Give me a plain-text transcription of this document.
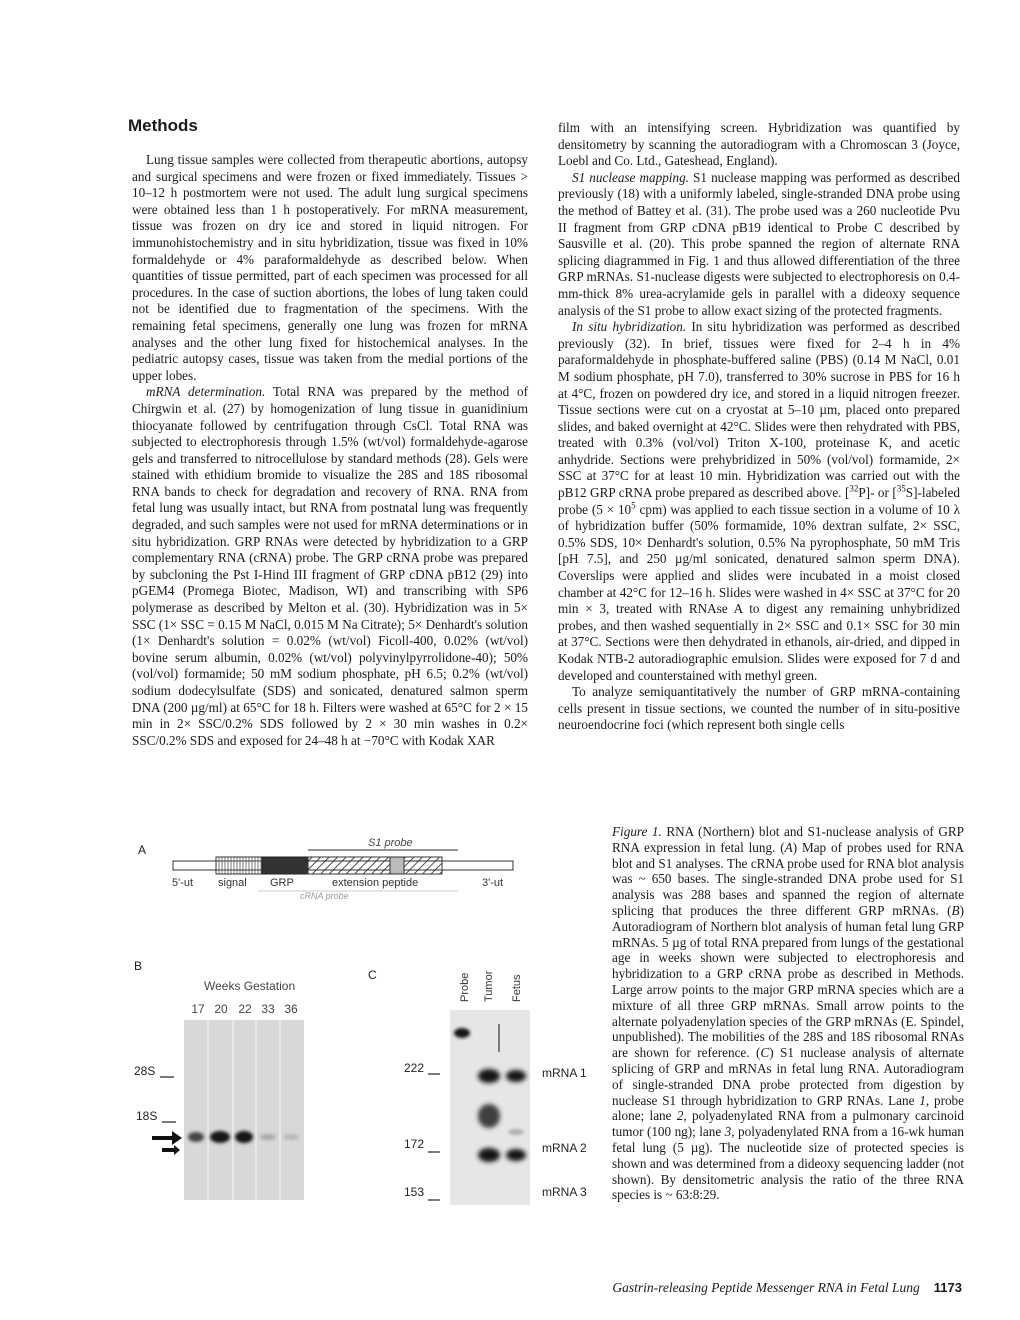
Methods

Lung tissue samples were collected from therapeutic abortions, autopsy and surgical specimens and were frozen or fixed immediately. Tissues > 10–12 h postmortem were not used. The adult lung surgical specimens were obtained less than 1 h postoperatively. For mRNA measurement, tissue was frozen on dry ice and stored in liquid nitrogen. For immunohistochemistry and in situ hybridization, tissue was fixed in 10% formaldehyde or 4% paraformaldehyde as described below. When quantities of tissue permitted, part of each specimen was processed for all procedures. In the case of suction abortions, the lobes of lung taken could not be identified due to fragmentation of the specimens. With the remaining fetal specimens, generally one lung was frozen for mRNA analyses and the other lung fixed for histochemical analyses. In the pediatric autopsy cases, tissue was taken from the medial portions of the upper lobes.

mRNA determination. Total RNA was prepared by the method of Chirgwin et al. (27) by homogenization of lung tissue in guanidinium thiocyanate followed by centrifugation through CsCl. Total RNA was subjected to electrophoresis through 1.5% (wt/vol) formaldehyde-agarose gels and transferred to nitrocellulose by standard methods (28). Gels were stained with ethidium bromide to visualize the 28S and 18S ribosomal RNA bands to check for degradation and recovery of RNA. RNA from fetal lung was usually intact, but RNA from postnatal lung was frequently degraded, and such samples were not used for mRNA determinations or in situ hybridization. GRP RNAs were detected by hybridization to a GRP complementary RNA (cRNA) probe. The GRP cRNA probe was prepared by subcloning the Pst I-Hind III fragment of GRP cDNA pB12 (29) into pGEM4 (Promega Biotec, Madison, WI) and transcribing with SP6 polymerase as described by Melton et al. (30). Hybridization was in 5× SSC (1× SSC = 0.15 M NaCl, 0.015 M Na Citrate); 5× Denhardt's solution (1× Denhardt's solution = 0.02% (wt/vol) Ficoll-400, 0.02% (wt/vol) bovine serum albumin, 0.02% (wt/vol) polyvinylpyrrolidone-40); 50% (vol/vol) formamide; 50 mM sodium phosphate, pH 6.5; 0.2% (wt/vol) sodium dodecylsulfate (SDS) and sonicated, denatured salmon sperm DNA (200 µg/ml) at 65°C for 18 h. Filters were washed at 65°C for 2 × 15 min in 2× SSC/0.2% SDS followed by 2 × 30 min washes in 0.2× SSC/0.2% SDS and exposed for 24–48 h at −70°C with Kodak XAR

film with an intensifying screen. Hybridization was quantified by densitometry by scanning the autoradiogram with a Chromoscan 3 (Joyce, Loebl and Co. Ltd., Gateshead, England).

S1 nuclease mapping. S1 nuclease mapping was performed as described previously (18) with a uniformly labeled, single-stranded DNA probe using the method of Battey et al. (31). The probe used was a 260 nucleotide Pvu II fragment from GRP cDNA pB19 identical to Probe C described by Sausville et al. (20). This probe spanned the region of alternate RNA splicing diagrammed in Fig. 1 and thus allowed differentiation of the three GRP mRNAs. S1-nuclease digests were subjected to electrophoresis on 0.4-mm-thick 8% urea-acrylamide gels in parallel with a dideoxy sequence analysis of the S1 probe to allow exact sizing of the protected fragments.

In situ hybridization. In situ hybridization was performed as described previously (32). In brief, tissues were fixed for 2–4 h in 4% paraformaldehyde in phosphate-buffered saline (PBS) (0.14 M NaCl, 0.01 M sodium phosphate, pH 7.0), transferred to 30% sucrose in PBS for 16 h at 4°C, frozen on powdered dry ice, and stored in a liquid nitrogen freezer. Tissue sections were cut on a cryostat at 5–10 µm, placed onto prepared slides, and baked overnight at 42°C. Slides were then rehydrated with PBS, treated with 0.3% (vol/vol) Triton X-100, proteinase K, and acetic anhydride. Sections were prehybridized in 50% (vol/vol) formamide, 2× SSC at 37°C for at least 10 min. Hybridization was carried out with the pB12 GRP cRNA probe prepared as described above. [$^{32}$P]- or [$^{35}$S]-labeled probe ($5 \times 10^5$ cpm) was applied to each tissue section in a volume of 10 λ of hybridization buffer (50% formamide, 10% dextran sulfate, 2× SSC, 0.5% SDS, 10× Denhardt's solution, 0.5% Na pyrophosphate, 50 mM Tris [pH 7.5], and 250 µg/ml sonicated, denatured salmon sperm DNA). Coverslips were applied and slides were incubated in a moist closed chamber at 42°C for 12–16 h. Slides were washed in 4× SSC at 37°C for 20 min × 3, treated with RNAse A to digest any remaining unhybridized probes, and then washed sequentially in 2× SSC and 0.1× SSC for 30 min at 37°C. Sections were then dehydrated in ethanols, air-dried, and dipped in Kodak NTB-2 autoradiographic emulsion. Slides were exposed for 7 d and developed and counterstained with methyl green.

To analyze semiquantitatively the number of GRP mRNA-containing cells present in tissue sections, we counted the number of in situ-positive neuroendocrine foci (which represent both single cells

A	S1 probe
5'-ut signal GRP	extension peptide	3'-ut
cRNA probe
B
Weeks Gestation
17 20 22 33 36
28S
18S
C	Probe Tumor Fetus
222
172
153
mRNA 1
mRNA 2
mRNA 3

Figure 1. RNA (Northern) blot and S1-nuclease analysis of GRP RNA expression in fetal lung. (A) Map of probes used for RNA blot and S1 analyses. The cRNA probe used for RNA blot analysis was ~ 650 bases. The single-stranded DNA probe used for S1 analysis was 288 bases and spanned the region of alternate splicing that produces the three different GRP mRNAs. (B) Autoradiogram of Northern blot analysis of human fetal lung GRP mRNAs. 5 µg of total RNA prepared from lungs of the gestational age in weeks shown were subjected to electrophoresis and hybridization to a GRP cRNA probe as described in Methods. Large arrow points to the major GRP mRNA species which are a mixture of all three GRP mRNAs. Small arrow points to the alternate polyadenylation species of the GRP mRNAs (E. Spindel, unpublished). The mobilities of the 28S and 18S ribosomal RNAs are shown for reference. (C) S1 nuclease analysis of alternate splicing of GRP and mRNAs in fetal lung RNA. Autoradiogram of single-stranded DNA probe protected from digestion by nuclease S1 through hybridization to GRP RNAs. Lane 1, probe alone; lane 2, polyadenylated RNA from a pulmonary carcinoid tumor (100 ng); lane 3, polyadenylated RNA from a 16-wk human fetal lung (5 µg). The nucleotide size of protected species is shown and was determined from a dideoxy sequencing ladder (not shown). By densitometric analysis the ratio of the three RNA species is ~ 63:8:29.

Gastrin-releasing Peptide Messenger RNA in Fetal Lung 1173
